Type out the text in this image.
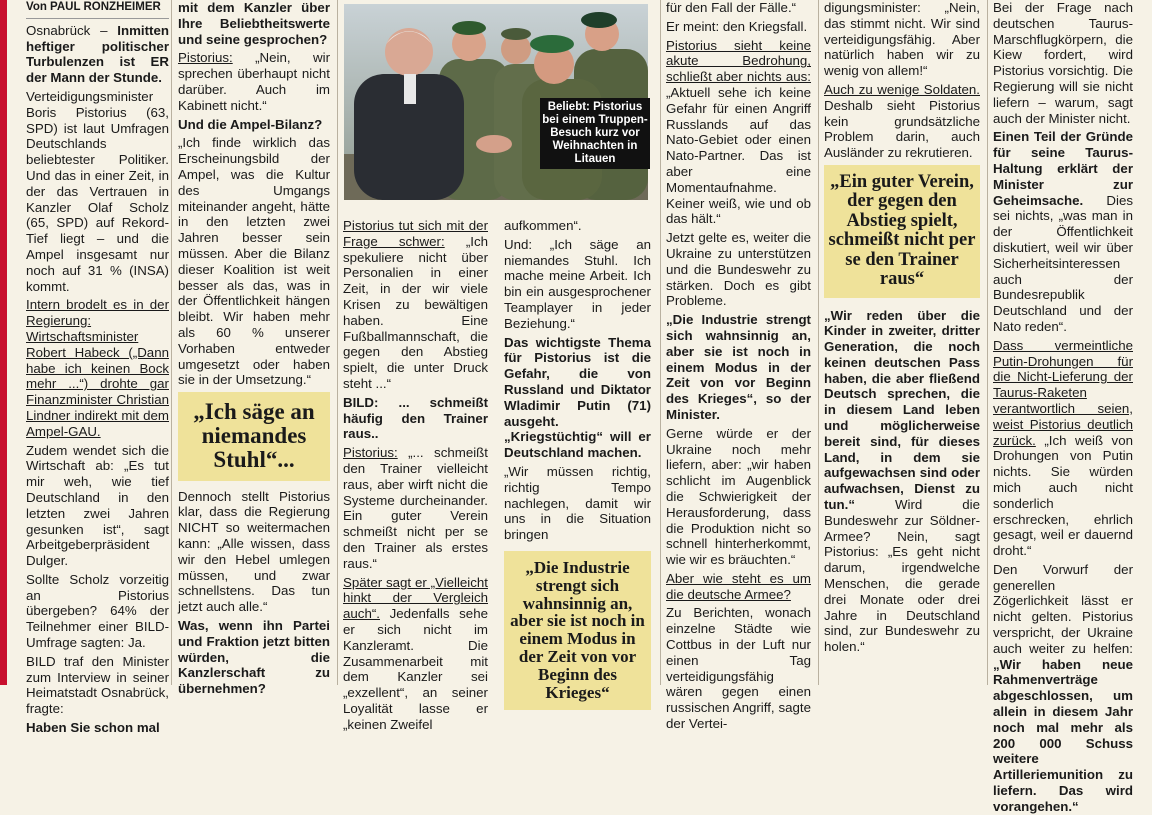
Von PAUL RONZHEIMER

Osnabrück – Inmitten heftiger politischer Turbulenzen ist ER der Mann der Stunde.

Verteidigungsminister Boris Pistorius (63, SPD) ist laut Umfragen Deutschlands beliebtester Politiker. Und das in einer Zeit, in der das Vertrauen in Kanzler Olaf Scholz (65, SPD) auf Rekord-Tief liegt – und die Ampel insgesamt nur noch auf 31 % (INSA) kommt.

Intern brodelt es in der Regierung: Wirtschaftsminister Robert Habeck („Dann habe ich keinen Bock mehr ...“) drohte gar Finanzminister Christian Lindner indirekt mit dem Ampel-GAU.

Zudem wendet sich die Wirtschaft ab: „Es tut mir weh, wie tief Deutschland in den letzten zwei Jahren gesunken ist“, sagt Arbeitgeberpräsident Dulger.

Sollte Scholz vorzeitig an Pistorius übergeben? 64% der Teilnehmer einer BILD-Umfrage sagten: Ja.

BILD traf den Minister zum Interview in seiner Heimatstadt Osnabrück, fragte:

Haben Sie schon mal

mit dem Kanzler über Ihre Beliebtheitswerte und seine gesprochen?

Pistorius: „Nein, wir sprechen überhaupt nicht darüber. Auch im Kabinett nicht.“

Und die Ampel-Bilanz?

„Ich finde wirklich das Erscheinungsbild der Ampel, was die Kultur des Umgangs miteinander angeht, hätte in den letzten zwei Jahren besser sein müssen. Aber die Bilanz dieser Koalition ist weit besser als das, was in der Öffentlichkeit hängen bleibt. Wir haben mehr als 60 % unserer Vorhaben entweder umgesetzt oder haben sie in der Umsetzung.“

„Ich säge an niemandes Stuhl“...

Dennoch stellt Pistorius klar, dass die Regierung NICHT so weitermachen kann: „Alle wissen, dass wir den Hebel umlegen müssen, und zwar schnellstens. Das tun jetzt auch alle.“

Was, wenn ihn Partei und Fraktion jetzt bitten würden, die Kanzlerschaft zu übernehmen?

Beliebt: Pistorius bei einem Truppen-Besuch kurz vor Weihnachten in Litauen

Pistorius tut sich mit der Frage schwer: „Ich spekuliere nicht über Personalien in einer Zeit, in der wir viele Krisen zu bewältigen haben. Eine Fußballmannschaft, die gegen den Abstieg spielt, die unter Druck steht ...“

BILD: ... schmeißt häufig den Trainer raus..

Pistorius: „... schmeißt den Trainer vielleicht raus, aber wirft nicht die Systeme durcheinander. Ein guter Verein schmeißt nicht per se den Trainer als erstes raus.“

Später sagt er „Vielleicht hinkt der Vergleich auch“. Jedenfalls sehe er sich nicht im Kanzleramt. Die Zusammenarbeit mit dem Kanzler sei „exzellent“, an seiner Loyalität lasse er „keinen Zweifel

aufkommen“.

Und: „Ich säge an niemandes Stuhl. Ich mache meine Arbeit. Ich bin ein ausgesprochener Teamplayer in jeder Beziehung.“

Das wichtigste Thema für Pistorius ist die Gefahr, die von Russland und Diktator Wladimir Putin (71) ausgeht. „Kriegstüchtig“ will er Deutschland machen.

„Wir müssen richtig, richtig Tempo nachlegen, damit wir uns in die Situation bringen

„Die Industrie strengt sich wahnsinnig an, aber sie ist noch in einem Modus in der Zeit von vor Beginn des Krieges“

für den Fall der Fälle.“

Er meint: den Kriegsfall.

Pistorius sieht keine akute Bedrohung, schließt aber nichts aus: „Aktuell sehe ich keine Gefahr für einen Angriff Russlands auf das Nato-Gebiet oder einen Nato-Partner. Das ist aber eine Momentaufnahme. Keiner weiß, wie und ob das hält.“

Jetzt gelte es, weiter die Ukraine zu unterstützen und die Bundeswehr zu stärken. Doch es gibt Probleme.

„Die Industrie strengt sich wahnsinnig an, aber sie ist noch in einem Modus in der Zeit von vor Beginn des Krieges“, so der Minister.

Gerne würde er der Ukraine noch mehr liefern, aber: „wir haben schlicht im Augenblick die Schwierigkeit der Herausforderung, dass die Produktion nicht so schnell hinterherkommt, wie wir es bräuchten.“

Aber wie steht es um die deutsche Armee?

Zu Berichten, wonach einzelne Städte wie Cottbus in der Luft nur einen Tag verteidigungsfähig wären gegen einen russischen Angriff, sagte der Vertei-

digungsminister: „Nein, das stimmt nicht. Wir sind verteidigungsfähig. Aber natürlich haben wir zu wenig von allem!“

Auch zu wenige Soldaten. Deshalb sieht Pistorius kein grundsätzliche Problem darin, auch Ausländer zu rekrutieren.

„Ein guter Verein, der gegen den Abstieg spielt, schmeißt nicht per se den Trainer raus“

„Wir reden über die Kinder in zweiter, dritter Generation, die noch keinen deutschen Pass haben, die aber fließend Deutsch sprechen, die in diesem Land leben und möglicherweise bereit sind, für dieses Land, in dem sie aufgewachsen sind oder aufwachsen, Dienst zu tun.“ Wird die Bundeswehr zur Söldner-Armee? Nein, sagt Pistorius: „Es geht nicht darum, irgendwelche Menschen, die gerade drei Monate oder drei Jahre in Deutschland sind, zur Bundeswehr zu holen.“

Bei der Frage nach deutschen Taurus-Marschflugkörpern, die Kiew fordert, wird Pistorius vorsichtig. Die Regierung will sie nicht liefern – warum, sagt auch der Minister nicht.

Einen Teil der Gründe für seine Taurus-Haltung erklärt der Minister zur Geheimsache. Dies sei nichts, „was man in der Öffentlichkeit diskutiert, weil wir über Sicherheitsinteressen auch der Bundesrepublik Deutschland und der Nato reden“.

Dass vermeintliche Putin-Drohungen für die Nicht-Lieferung der Taurus-Raketen verantwortlich seien, weist Pistorius deutlich zurück. „Ich weiß von Drohungen von Putin nichts. Sie würden mich auch nicht sonderlich erschrecken, ehrlich gesagt, weil er dauernd droht.“

Den Vorwurf der generellen Zögerlichkeit lässt er nicht gelten. Pistorius verspricht, der Ukraine auch weiter zu helfen: „Wir haben neue Rahmenverträge abgeschlossen, um allein in diesem Jahr noch mal mehr als 200 000 Schuss weitere Artilleriemunition zu liefern. Das wird vorangehen.“
